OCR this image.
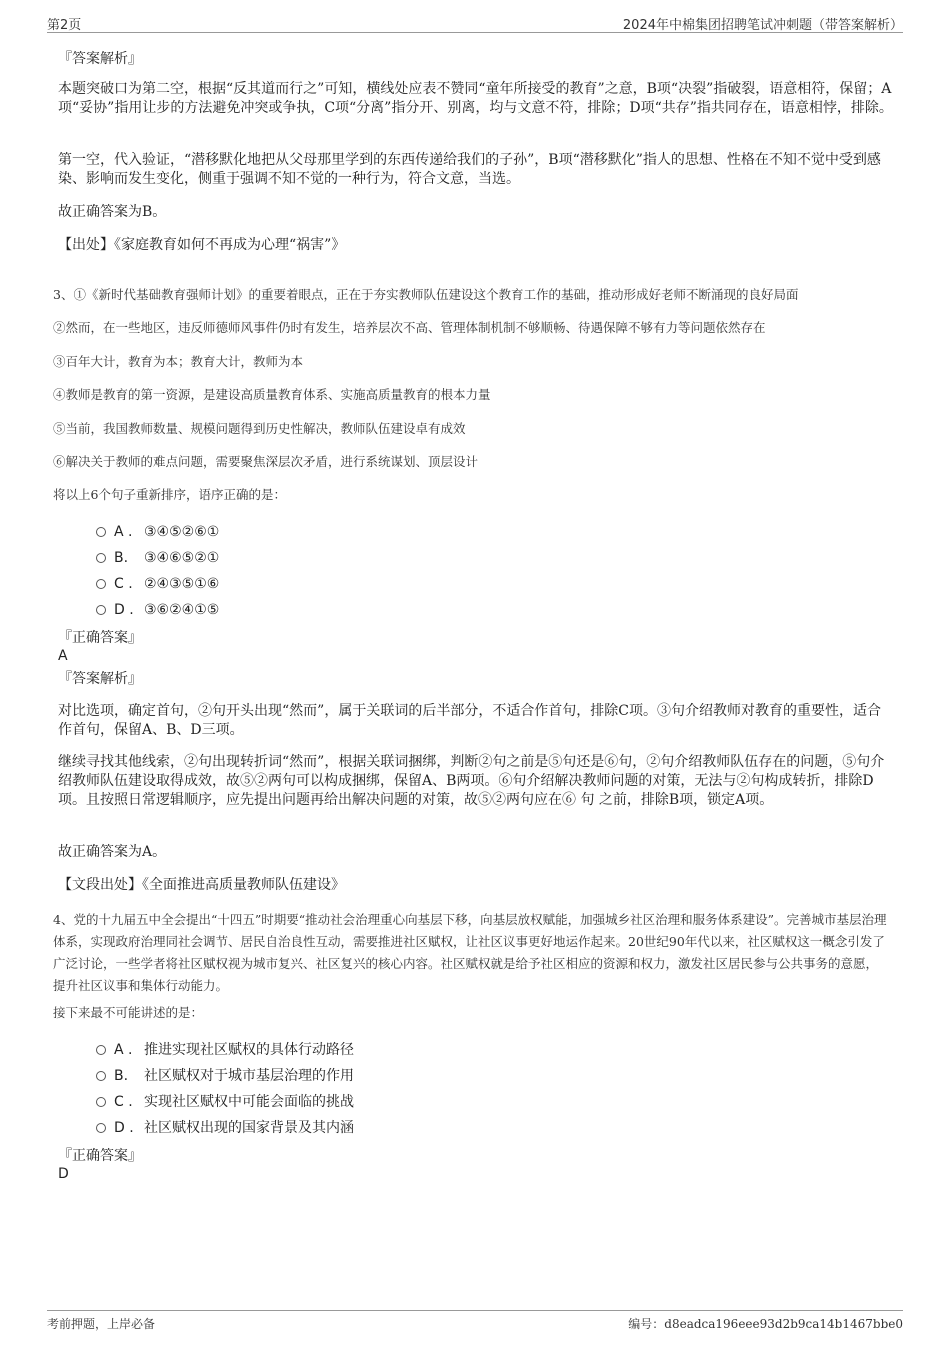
第2页	2024年中棉集团招聘笔试冲刺题（带答案解析）
『答案解析』

本题突破口为第二空，根据“反其道而行之”可知，横线处应表不赞同“童年所接受的教育”之意，B项“决裂”指破裂，语意相符，保留；A项“妥协”指用让步的方法避免冲突或争执，C项“分离”指分开、别离，均与文意不符，排除；D项“共存”指共同存在，语意相悖，排除。

第一空，代入验证，“潜移默化地把从父母那里学到的东西传递给我们的子孙”，B项“潜移默化”指人的思想、性格在不知不觉中受到感染、影响而发生变化，侧重于强调不知不觉的一种行为，符合文意，当选。

故正确答案为B。

【出处】《家庭教育如何不再成为心理“祸害”》

3、①《新时代基础教育强师计划》的重要着眼点，正在于夯实教师队伍建设这个教育工作的基础，推动形成好老师不断涌现的良好局面

②然而，在一些地区，违反师德师风事件仍时有发生，培养层次不高、管理体制机制不够顺畅、待遇保障不够有力等问题依然存在

③百年大计，教育为本；教育大计，教师为本

④教师是教育的第一资源，是建设高质量教育体系、实施高质量教育的根本力量

⑤当前，我国教师数量、规模问题得到历史性解决，教师队伍建设卓有成效

⑥解决关于教师的难点问题，需要聚焦深层次矛盾，进行系统谋划、顶层设计

将以上6个句子重新排序，语序正确的是：

A . ③④⑤②⑥①
B. ③④⑥⑤②①
C . ②④③⑤①⑥
D . ③⑥②④①⑤
『正确答案』
A
『答案解析』

对比选项，确定首句，②句开头出现“然而”，属于关联词的后半部分，不适合作首句，排除C项。③句介绍教师对教育的重要性，适合作首句，保留A、B、D三项。

继续寻找其他线索，②句出现转折词“然而”，根据关联词捆绑，判断②句之前是⑤句还是⑥句，②句介绍教师队伍存在的问题，⑤句介绍教师队伍建设取得成效，故⑤②两句可以构成捆绑，保留A、B两项。⑥句介绍解决教师问题的对策，无法与②句构成转折，排除D项。且按照日常逻辑顺序，应先提出问题再给出解决问题的对策，故⑤②两句应在⑥ 句 之前，排除B项，锁定A项。

故正确答案为A。

【文段出处】《全面推进高质量教师队伍建设》

4、党的十九届五中全会提出“十四五”时期要“推动社会治理重心向基层下移，向基层放权赋能，加强城乡社区治理和服务体系建设”。完善城市基层治理体系，实现政府治理同社会调节、居民自治良性互动，需要推进社区赋权，让社区议事更好地运作起来。20世纪90年代以来，社区赋权这一概念引发了广泛讨论，一些学者将社区赋权视为城市复兴、社区复兴的核心内容。社区赋权就是给予社区相应的资源和权力，激发社区居民参与公共事务的意愿，提升社区议事和集体行动能力。

接下来最不可能讲述的是：

A . 推进实现社区赋权的具体行动路径
B. 社区赋权对于城市基层治理的作用
C . 实现社区赋权中可能会面临的挑战
D . 社区赋权出现的国家背景及其内涵
『正确答案』
D
考前押题，上岸必备	编号：d8eadca196eee93d2b9ca14b1467bbe0
